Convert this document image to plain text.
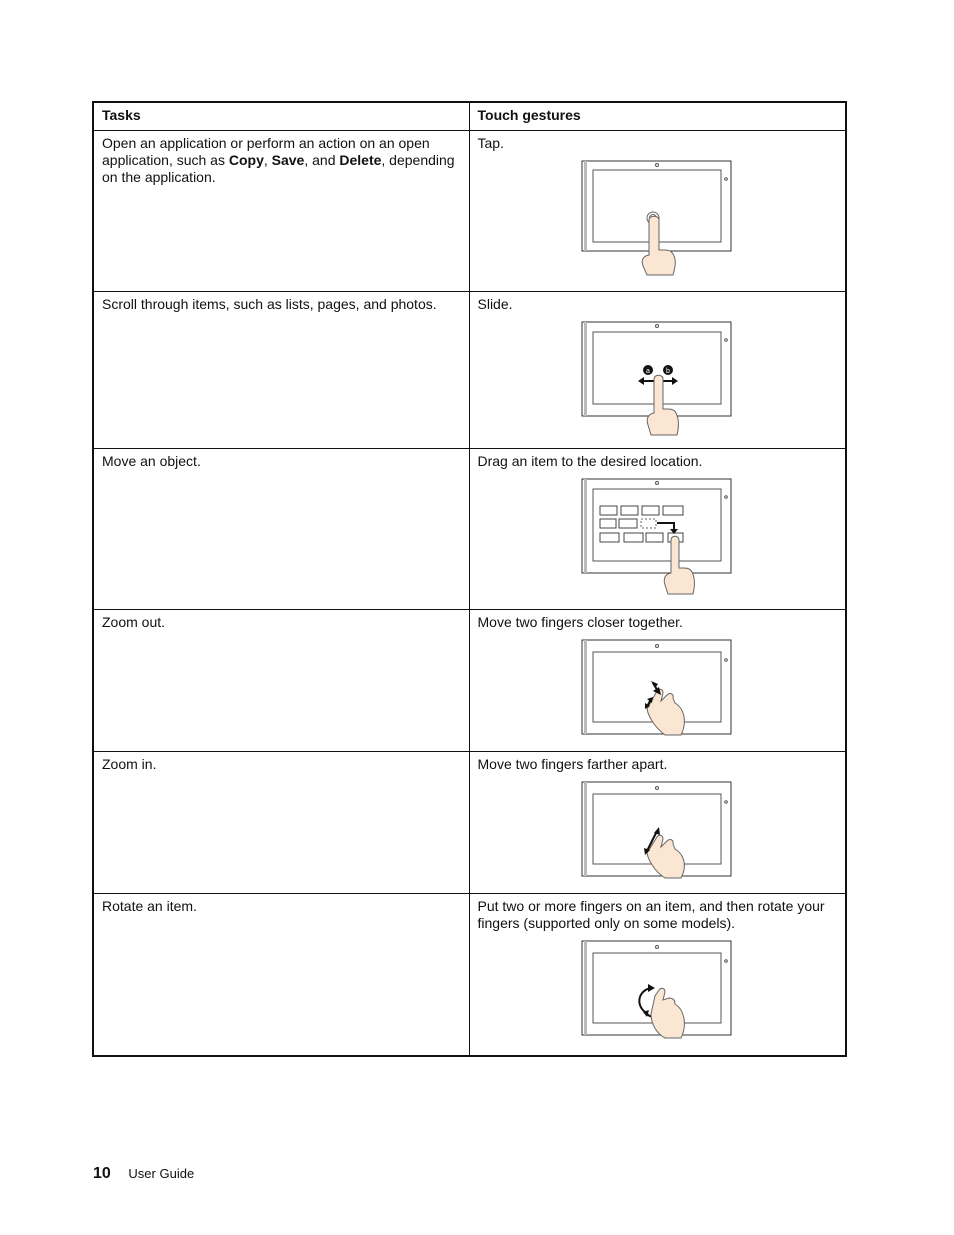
Tasks	Touch gestures
Open an application or perform an action on an open application, such as Copy, Save, and Delete, depending on the application.	Tap.

Scroll through items, such as lists, pages, and photos.	Slide.
a b

Move an object.	Drag an item to the desired location.

Zoom out.	Move two fingers closer together.

Zoom in.	Move two fingers farther apart.

Rotate an item.	Put two or more fingers on an item, and then rotate your fingers (supported only on some models).
10 User Guide
